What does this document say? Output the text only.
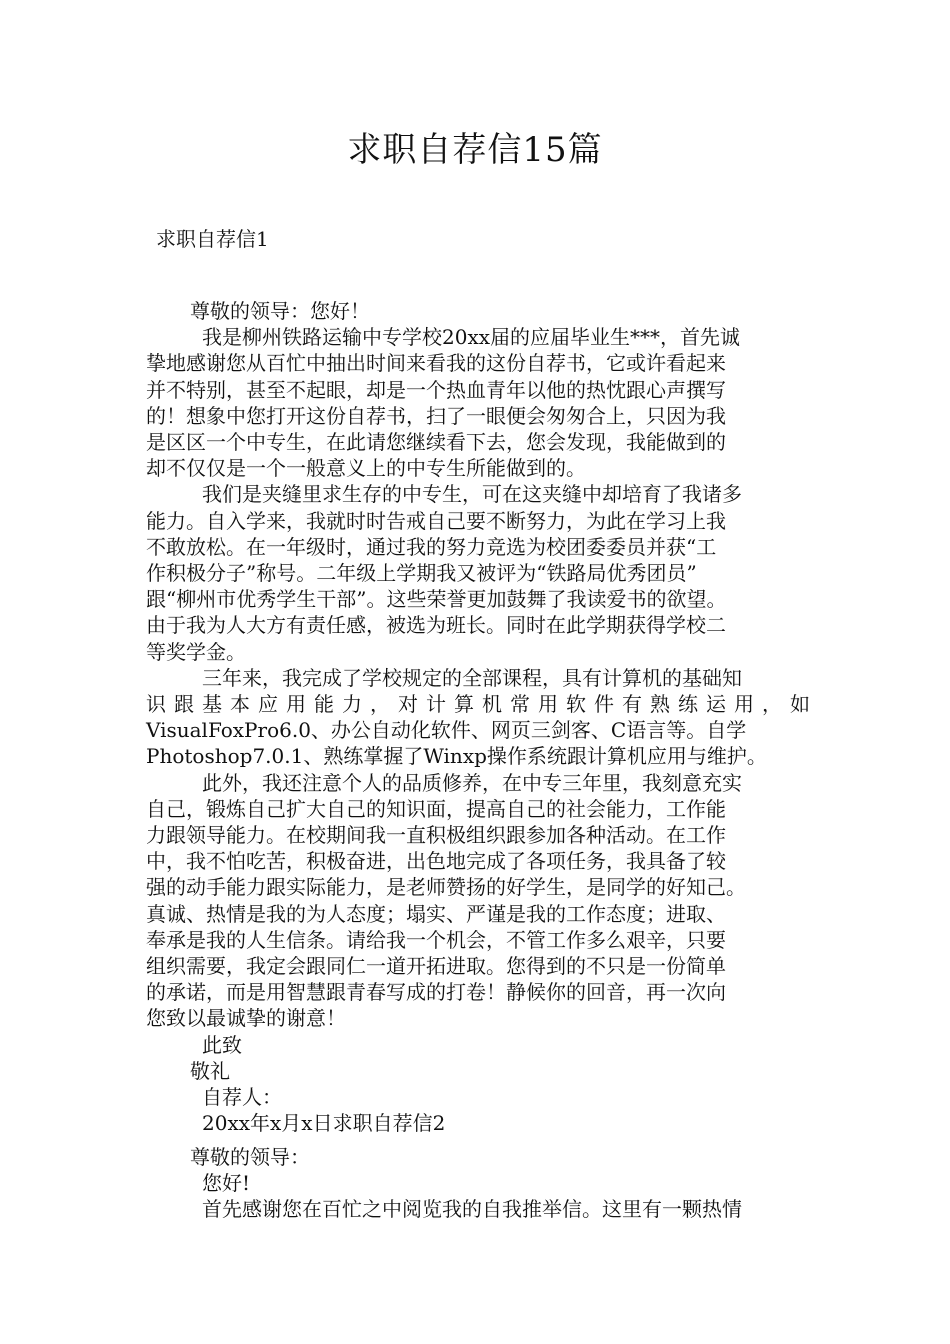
求职自荐信15篇
求职自荐信1
尊敬的领导：您好！
我是柳州铁路运输中专学校20xx届的应届毕业生***，首先诚
挚地感谢您从百忙中抽出时间来看我的这份自荐书，它或许看起来
并不特别，甚至不起眼，却是一个热血青年以他的热忱跟心声撰写
的！想象中您打开这份自荐书，扫了一眼便会匆匆合上，只因为我
是区区一个中专生，在此请您继续看下去，您会发现，我能做到的
却不仅仅是一个一般意义上的中专生所能做到的。
我们是夹缝里求生存的中专生，可在这夹缝中却培育了我诸多
能力。自入学来，我就时时告戒自己要不断努力，为此在学习上我
不敢放松。在一年级时，通过我的努力竞选为校团委委员并获“工
作积极分子”称号。二年级上学期我又被评为“铁路局优秀团员”
跟“柳州市优秀学生干部”。这些荣誉更加鼓舞了我读爱书的欲望。
由于我为人大方有责任感，被选为班长。同时在此学期获得学校二
等奖学金。
三年来，我完成了学校规定的全部课程，具有计算机的基础知
识跟基本应用能力，对计算机常用软件有熟练运用，如
VisualFoxPro6.0、办公自动化软件、网页三剑客、C语言等。自学
Photoshop7.0.1、熟练掌握了Winxp操作系统跟计算机应用与维护。
此外，我还注意个人的品质修养，在中专三年里，我刻意充实
自己，锻炼自己扩大自己的知识面，提高自己的社会能力，工作能
力跟领导能力。在校期间我一直积极组织跟参加各种活动。在工作
中，我不怕吃苦，积极奋进，出色地完成了各项任务，我具备了较
强的动手能力跟实际能力，是老师赞扬的好学生，是同学的好知己。
真诚、热情是我的为人态度；塌实、严谨是我的工作态度；进取、
奉承是我的人生信条。请给我一个机会，不管工作多么艰辛，只要
组织需要，我定会跟同仁一道开拓进取。您得到的不只是一份简单
的承诺，而是用智慧跟青春写成的打卷！静候你的回音，再一次向
您致以最诚挚的谢意！
此致
敬礼
自荐人：
20xx年x月x日求职自荐信2
尊敬的领导：
您好!
首先感谢您在百忙之中阅览我的自我推举信。这里有一颗热情
